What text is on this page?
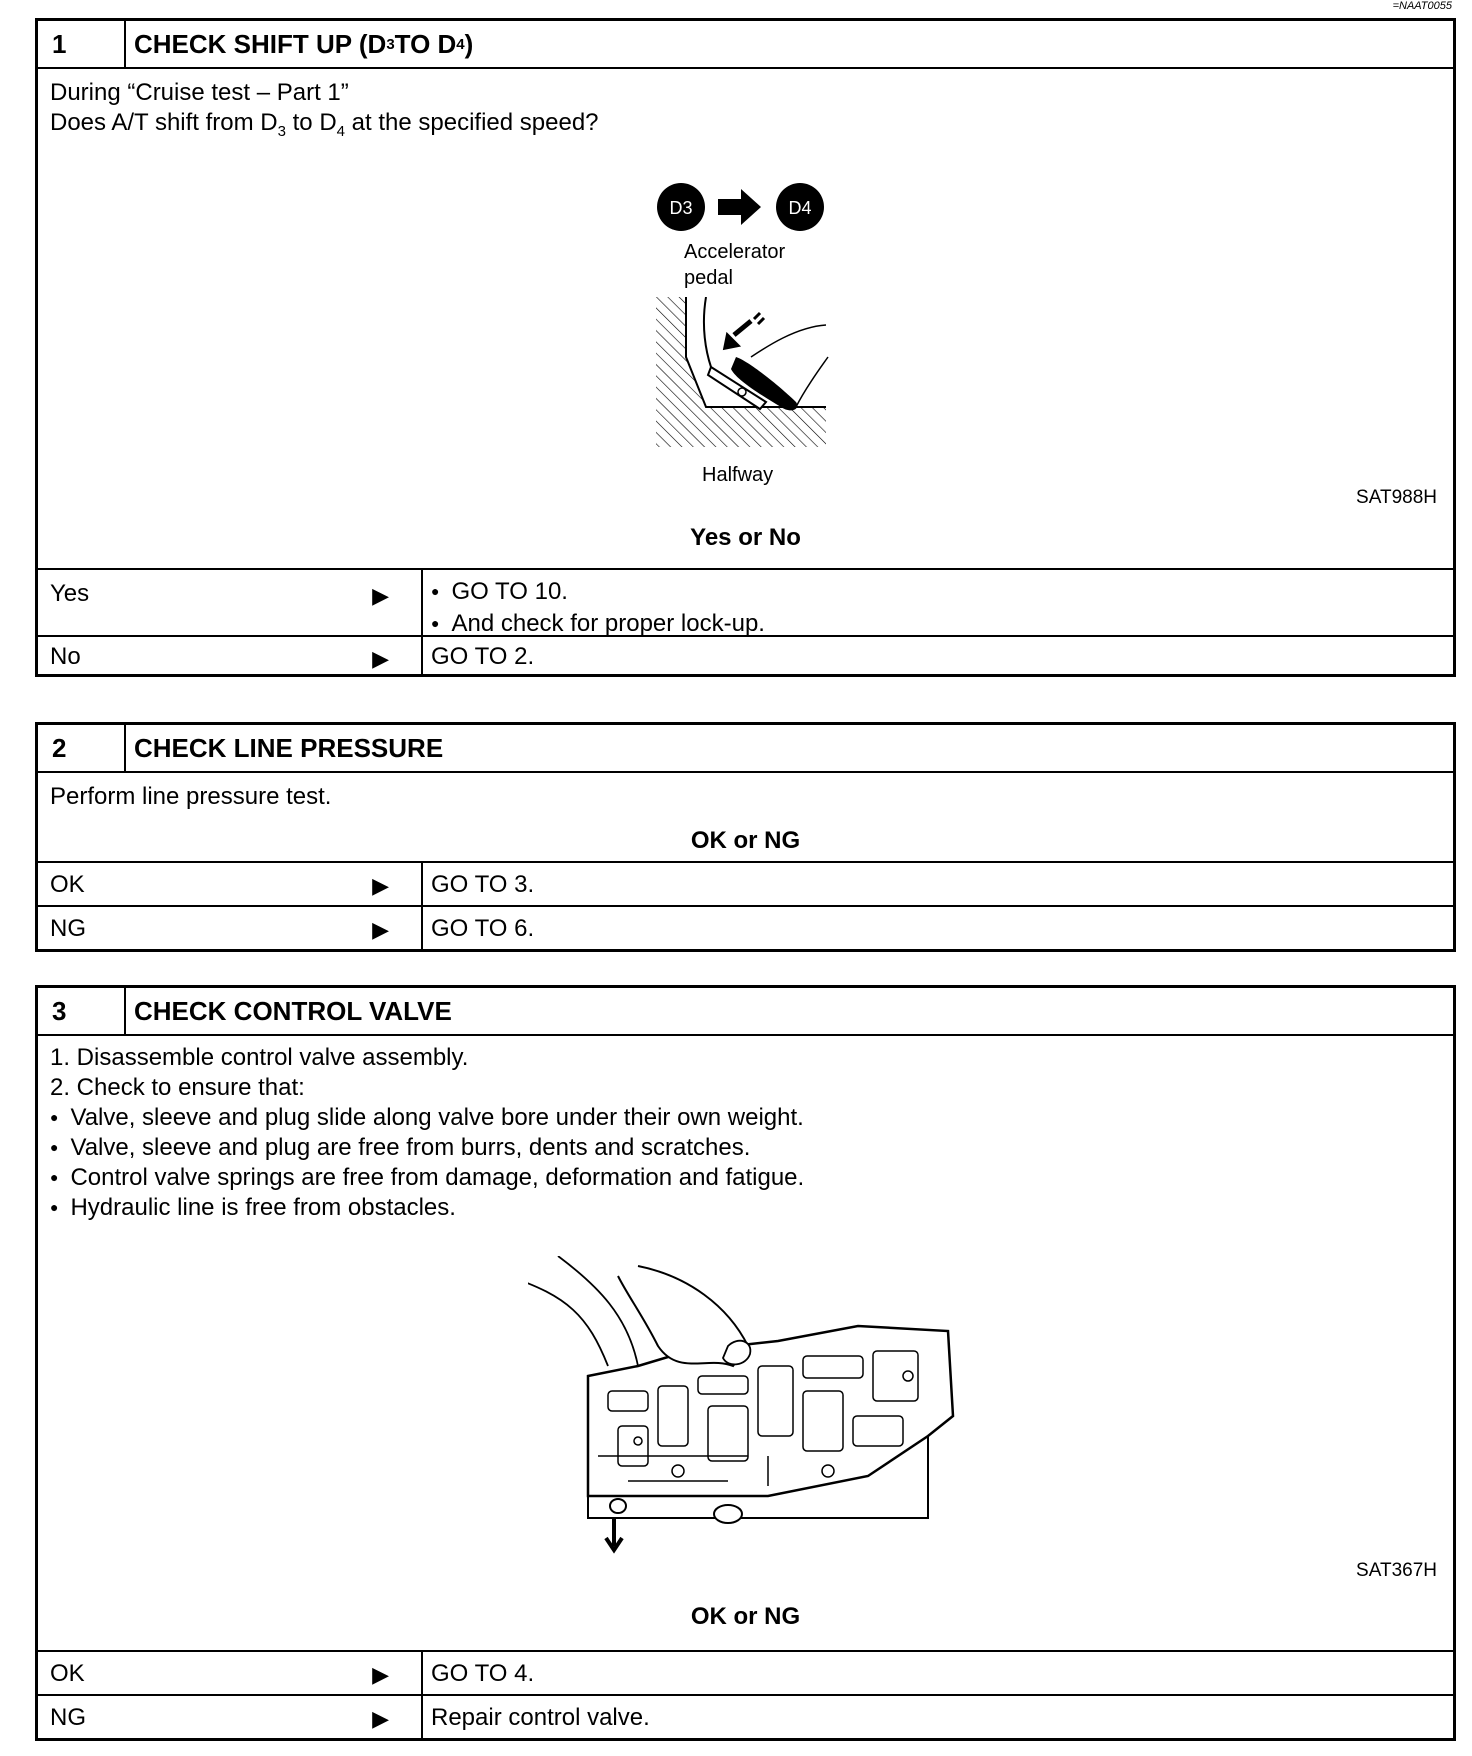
=NAAT0055
1	CHECK SHIFT UP (D 3 TO D 4 )
During “Cruise test – Part 1”
Does A/T shift from $D_3$ to $D_4$ at the specified speed?
D3	D4
Accelerator
pedal
Halfway
SAT988H
Yes or No
Yes	▶	● GO TO 10.
● And check for proper lock-up.
No	▶	GO TO 2.
2	CHECK LINE PRESSURE
Perform line pressure test.
OK or NG
OK	▶	GO TO 3.
NG	▶	GO TO 6.
3	CHECK CONTROL VALVE
1. Disassemble control valve assembly.
2. Check to ensure that:
● Valve, sleeve and plug slide along valve bore under their own weight.
● Valve, sleeve and plug are free from burrs, dents and scratches.
● Control valve springs are free from damage, deformation and fatigue.
● Hydraulic line is free from obstacles.
SAT367H
OK or NG
OK	▶	GO TO 4.
NG	▶	Repair control valve.
